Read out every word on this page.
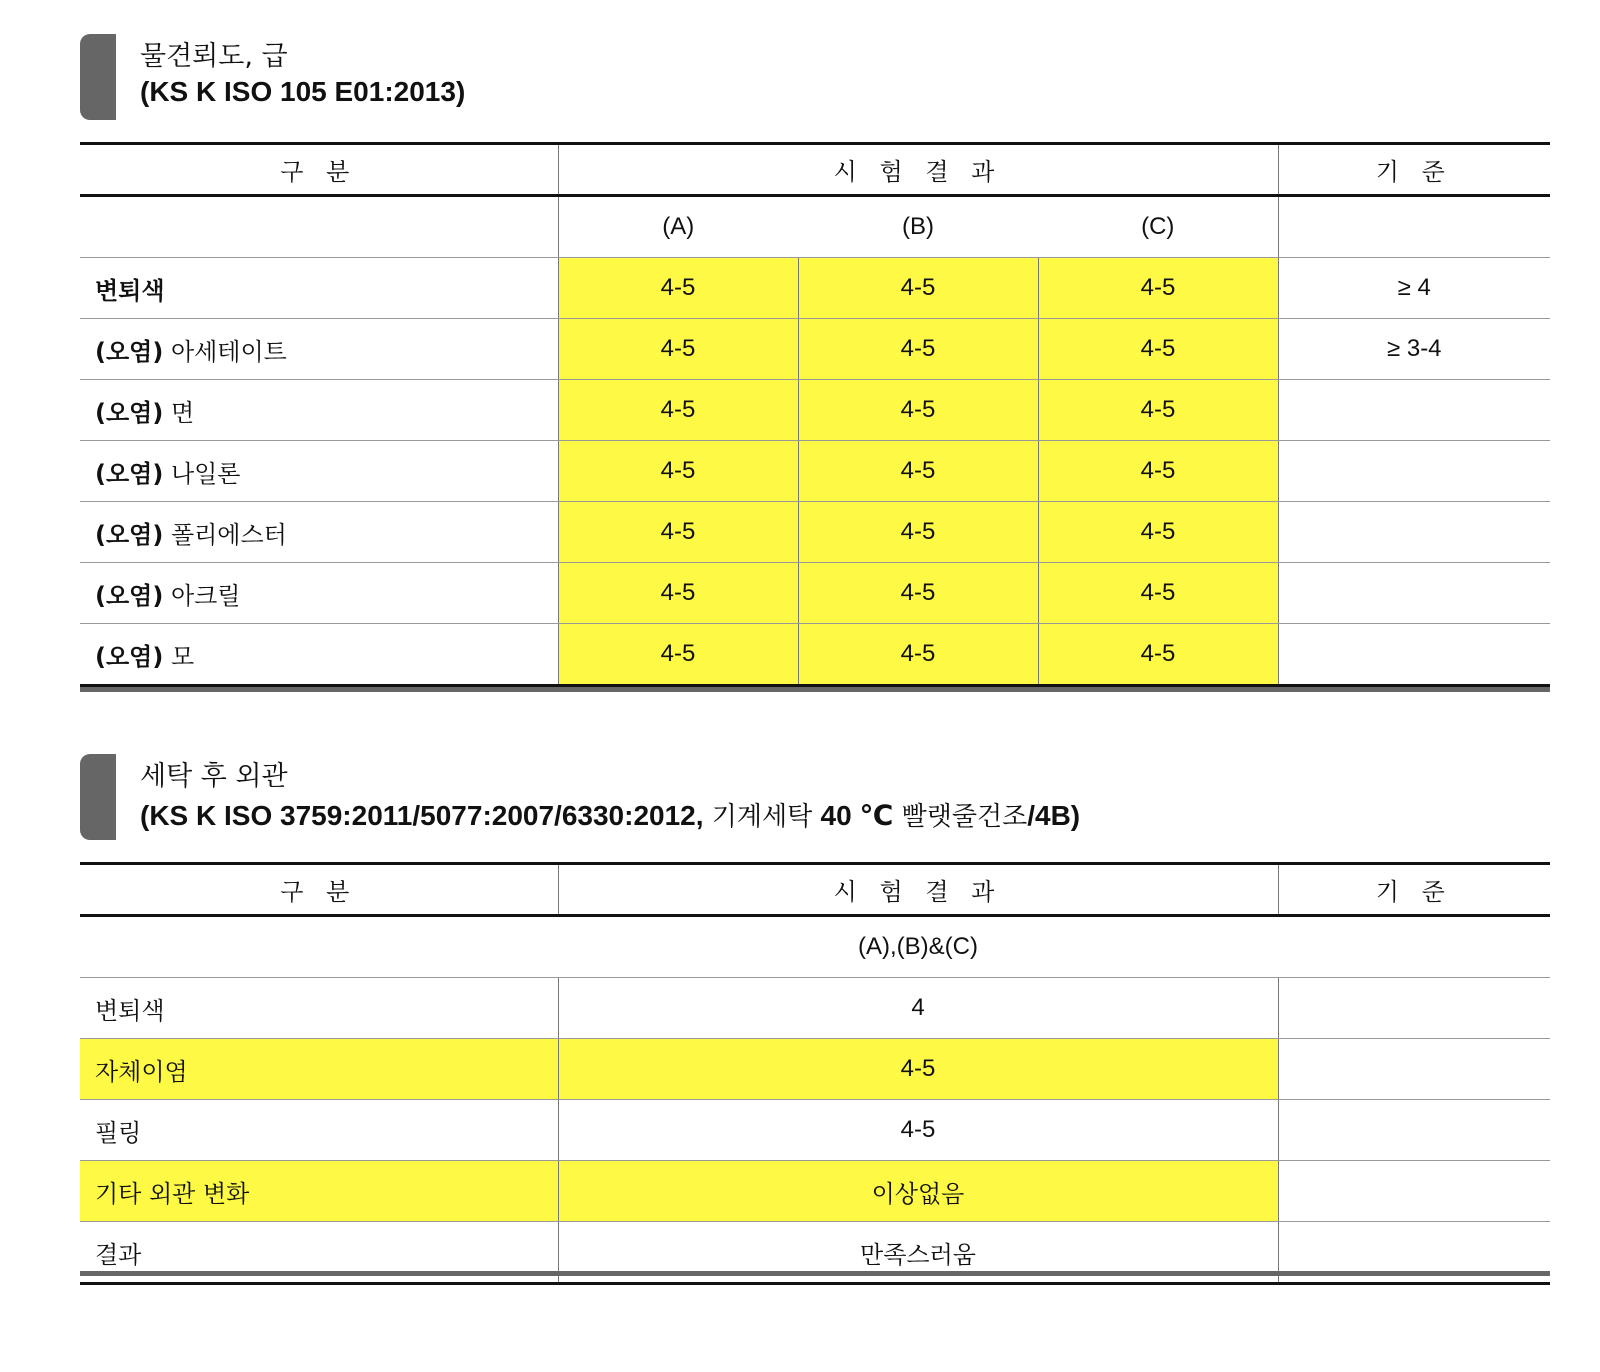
물견뢰도, 급
(KS K ISO 105 E01:2013)
구 분	시 험 결 과			기 준
	(A)	(B)	(C)	
변퇴색	4-5	4-5	4-5	≥ 4
(오염) 아세테이트	4-5	4-5	4-5	≥ 3-4
(오염) 면	4-5	4-5	4-5	
(오염) 나일론	4-5	4-5	4-5	
(오염) 폴리에스터	4-5	4-5	4-5	
(오염) 아크릴	4-5	4-5	4-5	
(오염) 모	4-5	4-5	4-5	
세탁 후 외관
(KS K ISO 3759:2011/5077:2007/6330:2012, 기계세탁 40 ℃ 빨랫줄건조/4B)
구 분	시 험 결 과	기 준
	(A),(B)&(C)	
변퇴색	4	
자체이염	4-5	
필링	4-5	
기타 외관 변화	이상없음	
결과	만족스러움	
